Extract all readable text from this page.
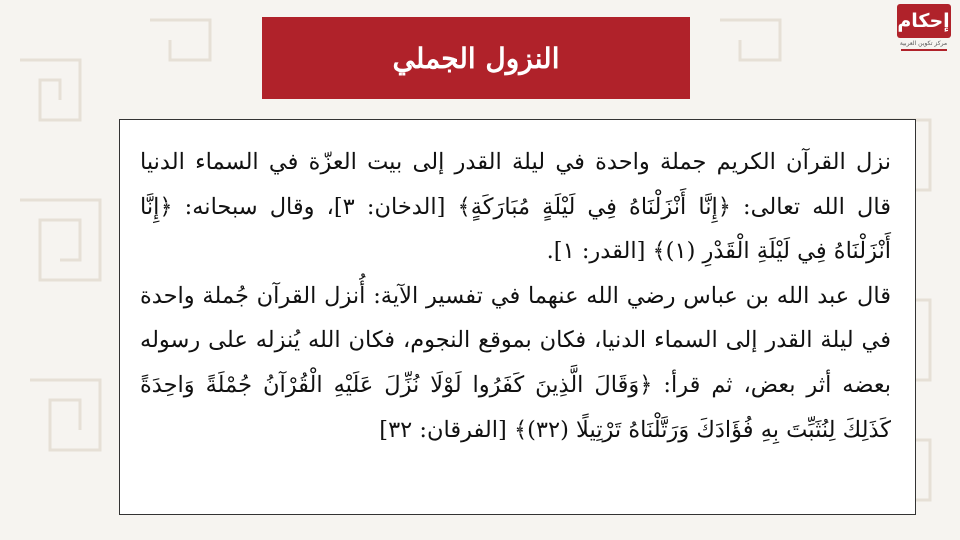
إحكام
مركز تكوين العربية
النزول الجملي

نزل القرآن الكريم جملة واحدة في ليلة القدر إلى بيت العزّة في السماء الدنيا قال الله تعالى: ﴿إِنَّا أَنْزَلْنَاهُ فِي لَيْلَةٍ مُبَارَكَةٍ﴾ [الدخان: ٣]، وقال سبحانه: ﴿إِنَّا أَنْزَلْنَاهُ فِي لَيْلَةِ الْقَدْرِ (١)﴾ [القدر: ١].

قال عبد الله بن عباس رضي الله عنهما في تفسير الآية: أُنزل القرآن جُملة واحدة في ليلة القدر إلى السماء الدنيا، فكان بموقع النجوم، فكان الله يُنزله على رسوله بعضه أثر بعض، ثم قرأ: ﴿وَقَالَ الَّذِينَ كَفَرُوا لَوْلَا نُزِّلَ عَلَيْهِ الْقُرْآنُ جُمْلَةً وَاحِدَةً كَذَلِكَ لِنُثَبِّتَ بِهِ فُؤَادَكَ وَرَتَّلْنَاهُ تَرْتِيلًا (٣٢)﴾ [الفرقان: ٣٢]
